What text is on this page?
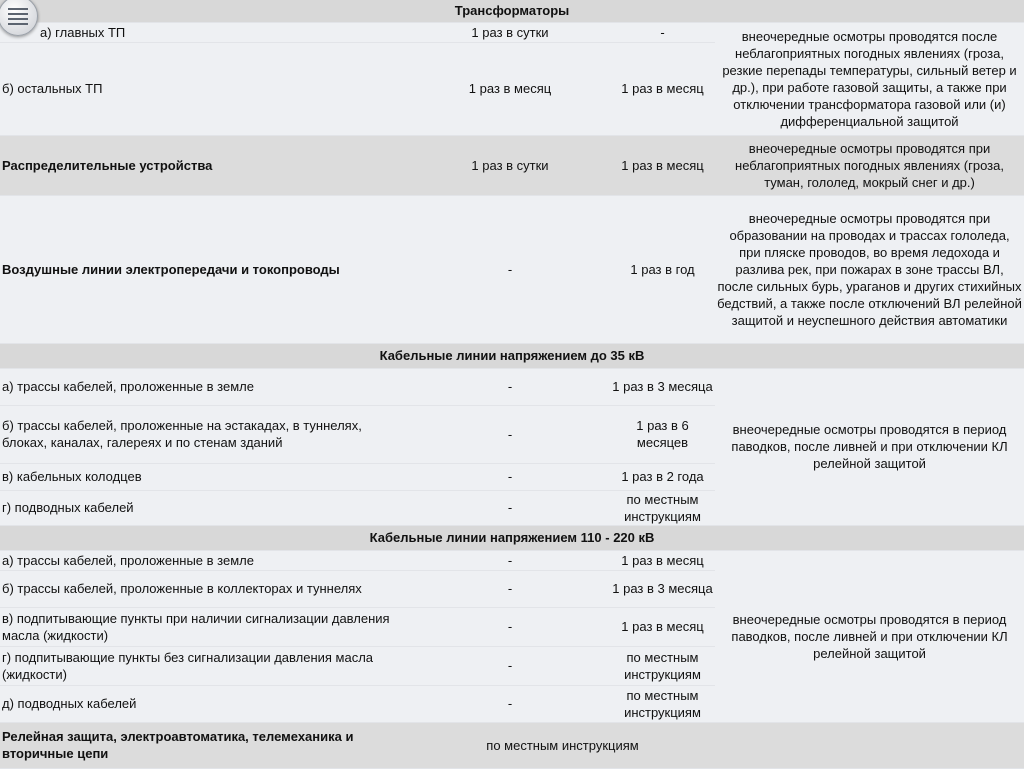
Трансформаторы			
а) главных ТП	1 раз в сутки	-	внеочередные осмотры проводятся после неблагоприятных погодных явлениях (гроза, резкие перепады температуры, сильный ветер и др.), при работе газовой защиты, а также при отключении трансформатора газовой или (и) дифференциальной защитой
б) остальных ТП	1 раз в месяц	1 раз в месяц	
Распределительные устройства	1 раз в сутки	1 раз в месяц	внеочередные осмотры проводятся при неблагоприятных погодных явлениях (гроза, туман, гололед, мокрый снег и др.)
Воздушные линии электропередачи и токопроводы	-	1 раз в год	внеочередные осмотры проводятся при образовании на проводах и трассах гололеда, при пляске проводов, во время ледохода и разлива рек, при пожарах в зоне трассы ВЛ, после сильных бурь, ураганов и других стихийных бедствий, а также после отключений ВЛ релейной защитой и неуспешного действия автоматики
Кабельные линии напряжением до 35 кВ			
а) трассы кабелей, проложенные в земле	-	1 раз в 3 месяца	внеочередные осмотры проводятся в период паводков, после ливней и при отключении КЛ релейной защитой
б) трассы кабелей, проложенные на эстакадах, в туннелях, блоках, каналах, галереях и по стенам зданий	-	1 раз в 6 месяцев	
в) кабельных колодцев	-	1 раз в 2 года	
г) подводных кабелей	-	по местным инструкциям	
Кабельные линии напряжением 110 - 220 кВ			
а) трассы кабелей, проложенные в земле	-	1 раз в месяц	внеочередные осмотры проводятся в период паводков, после ливней и при отключении КЛ релейной защитой
б) трассы кабелей, проложенные в коллекторах и туннелях	-	1 раз в 3 месяца	
в) подпитывающие пункты при наличии сигнализации давления масла (жидкости)	-	1 раз в месяц	
г) подпитывающие пункты без сигнализации давления масла (жидкости)	-	по местным инструкциям	
д) подводных кабелей	-	по местным инструкциям	
Релейная защита, электроавтоматика, телемеханика и вторичные цепи	по местным инструкциям		
